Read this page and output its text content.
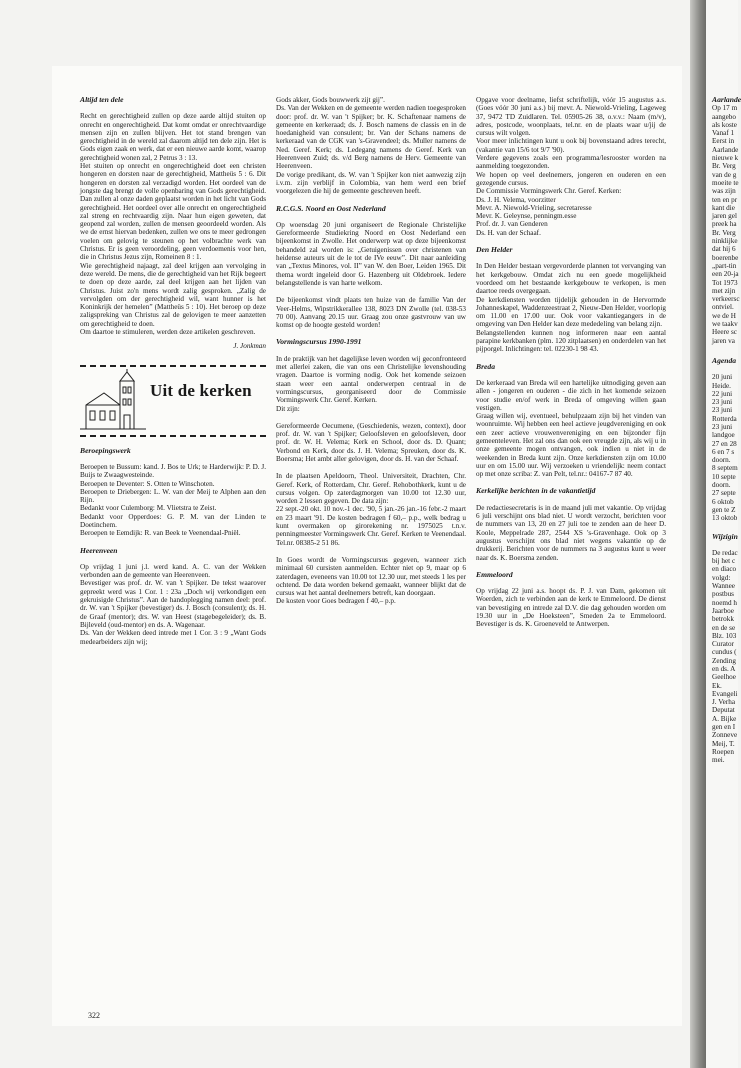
Aarlande
Op 17 m
aangebo
als koste
Vanaf 1
Eerst in
Aarlande
nieuwe k
Br. Verg
van de g
moeite te
was zijn
ten en pr
kant die
jaren gel
preek ha
Br. Verg
ninklijke
dat hij 6
boerenbe
„part-tin
een 20-ja
Tot 1973
met zijn
verkeersc
ontviel.
we de H
we taakv
Heere sc
jaren va
Agenda
20 juni
Heide.
22 juni
23 juni
23 juni
Rotterda
23 juni
landgoe
27 en 28
6 en 7 s
doorn.
8 septem
10 septe
doorn.
27 septe
6 oktob
gen te Z
13 oktob
Wijzigin
De redac
bij het c
en diaco
volgd:
Wannee
postbus
noemd h
Jaarboe
betrokk
en de se
Blz. 103
Curator
cundus (
Zending
en ds. A
Geelhoe
Ek.
Evangeli
J. Verha
Deputat
A. Bijke
gen en I
Zonneve
Meij, T.
Roepen
mei.
Altijd ten dele

Recht en gerechtigheid zullen op deze aarde altijd stuiten op onrecht en ongerechtigheid. Dat komt omdat er onrechtvaardige mensen zijn en zullen blijven. Het tot stand brengen van gerechtigheid in de wereld zal daarom altijd ten dele zijn. Het is Gods eigen zaak en werk, dat er een nieuwe aarde komt, waarop gerechtigheid wonen zal, 2 Petrus 3 : 13.

Het stuiten op onrecht en ongerechtigheid doet een christen hongeren en dorsten naar de gerechtigheid, Mattheüs 5 : 6. Dit hongeren en dorsten zal verzadigd worden. Het oordeel van de jongste dag brengt de volle openbaring van Gods gerechtigheid. Dan zullen al onze daden geplaatst worden in het licht van Gods gerechtigheid. Het oordeel over alle onrecht en ongerechtigheid zal streng en rechtvaardig zijn. Naar hun eigen geweten, dat geopend zal worden, zullen de mensen geoordeeld worden. Als we de ernst hiervan bedenken, zullen we ons te meer gedrongen voelen om gelovig te steunen op het volbrachte werk van Christus. Er is geen veroordeling, geen verdoemenis voor hen, die in Christus Jezus zijn, Romeinen 8 : 1.

Wie gerechtigheid najaagt, zal deel krijgen aan vervolging in deze wereld. De mens, die de gerechtigheid van het Rijk begeert te doen op deze aarde, zal deel krijgen aan het lijden van Christus. Juist zo'n mens wordt zalig gesproken. „Zalig de vervolgden om der gerechtigheid wil, want hunner is het Koninkrijk der hemelen” (Mattheüs 5 : 10). Het beroep op deze zaligspreking van Christus zal de gelovigen te meer aanzetten om gerechtigheid te doen.

Om daartoe te stimuleren, werden deze artikelen geschreven.

J. Jonkman
Uit de kerken
Beroepingswerk
Beroepen te Bussum: kand. J. Bos te Urk; te Harderwijk: P. D. J. Buijs te Zwaagwesteinde.
Beroepen te Deventer: S. Otten te Winschoten.
Beroepen te Driebergen: L. W. van der Meij te Alphen aan den Rijn.
Bedankt voor Culemborg: M. Vlietstra te Zeist.
Bedankt voor Opperdoes: G. P. M. van der Linden te Doetinchem.
Beroepen te Eemdijk: R. van Beek te Veenendaal-Pniël.
Heerenveen

Op vrijdag 1 juni j.l. werd kand. A. C. van der Wekken verbonden aan de gemeente van Heerenveen.

Bevestiger was prof. dr. W. van 't Spijker. De tekst waarover gepreekt werd was 1 Cor. 1 : 23a „Doch wij verkondigen een gekruisigde Christus”. Aan de handoplegging namen deel: prof. dr. W. van 't Spijker (bevestiger) ds. J. Bosch (consulent); ds. H. de Graaf (mentor); drs. W. van Heest (stagebegeleider); ds. B. Bijleveld (oud-mentor) en ds. A. Wagenaar.

Ds. Van der Wekken deed intrede met 1 Cor. 3 : 9 „Want Gods medearbeiders zijn wij;

Gods akker, Gods bouwwerk zijt gij”.

Ds. Van der Wekken en de gemeente werden nadien toegesproken door: prof. dr. W. van 't Spijker; br. K. Schaftenaar namens de gemeente en kerkeraad; ds. J. Bosch namens de classis en in de hoedanigheid van consulent; br. Van der Schans namens de kerkeraad van de CGK van 's-Gravendeel; ds. Muller namens de Ned. Geref. Kerk; ds. Ledegang namens de Geref. Kerk van Heerenveen Zuid; ds. v/d Berg namens de Herv. Gemeente van Heerenveen.

De vorige predikant, ds. W. van 't Spijker kon niet aanwezig zijn i.v.m. zijn verblijf in Colombia, van hem werd een brief voorgelezen die hij de gemeente geschreven heeft.

R.C.G.S. Noord en Oost Nederland

Op woensdag 20 juni organiseert de Regionale Christelijke Gereformeerde Studiekring Noord en Oost Nederland een bijeenkomst in Zwolle. Het onderwerp wat op deze bijeenkomst behandeld zal worden is: „Getuigenissen over christenen van heidense auteurs uit de le tot de IVe eeuw”. Dit naar aanleiding van „Textus Minores, vol. II” van W. den Boer, Leiden 1965. Dit thema wordt ingeleid door G. Hazenberg uit Oldebroek. Iedere belangstellende is van harte welkom.

De bijeenkomst vindt plaats ten huize van de familie Van der Veer-Helms, Wipstrikkerallee 138, 8023 DN Zwolle (tel. 038-53 70 00). Aanvang 20.15 uur. Graag zou onze gastvrouw van uw komst op de hoogte gesteld worden!

Vormingscursus 1990-1991

In de praktijk van het dagelijkse leven worden wij geconfronteerd met allerlei zaken, die van ons een Christelijke levenshouding vragen. Daartoe is vorming nodig. Ook het komende seizoen staan weer een aantal onderwerpen centraal in de vormingscursus, georganiseerd door de Commissie Vormingswerk Chr. Geref. Kerken.

Dit zijn:

Gereformeerde Oecumene, (Geschiedenis, wezen, context), door prof. dr. W. van 't Spijker; Geloofsleven en geloofsleven, door prof. dr. W. H. Velema; Kerk en School, door ds. D. Quant; Verbond en Kerk, door ds. J. H. Velema; Spreuken, door ds. K. Boersma; Het ambt aller gelovigen, door ds. H. van der Schaaf.

In de plaatsen Apeldoorn, Theol. Universiteit, Drachten, Chr. Geref. Kerk, of Rotterdam, Chr. Geref. Rehobothkerk, kunt u de cursus volgen. Op zaterdagmorgen van 10.00 tot 12.30 uur, worden 2 lessen gegeven. De data zijn:

22 sept.-20 okt. 10 nov.-1 dec. '90, 5 jan.-26 jan.-16 febr.-2 maart en 23 maart '91. De kosten bedragen f 60,– p.p., welk bedrag u kunt overmaken op girorekening nr. 1975025 t.n.v. penningmeester Vormingswerk Chr. Geref. Kerken te Veenendaal. Tel.nr. 08385-2 51 86.

In Goes wordt de Vormingscursus gegeven, wanneer zich minimaal 60 cursisten aanmelden. Echter niet op 9, maar op 6 zaterdagen, eveneens van 10.00 tot 12.30 uur, met steeds 1 les per ochtend. De data worden bekend gemaakt, wanneer blijkt dat de cursus wat het aantal deelnemers betreft, kan doorgaan.

De kosten voor Goes bedragen f 40,– p.p.

Opgave voor deelname, liefst schriftelijk, vóór 15 augustus a.s. (Goes vóór 30 juni a.s.) bij mevr. A. Niewold-Vrieling, Lageweg 37, 9472 TD Zuidlaren. Tel. 05905-26 38, o.v.v.: Naam (m/v), adres, postcode, woonplaats, tel.nr. en de plaats waar u/jij de cursus wilt volgen.

Voor meer inlichtingen kunt u ook bij bovenstaand adres terecht, (vakantie van 15/6 tot 9/7 '90).

Verdere gegevens zoals een programma/lesrooster worden na aanmelding toegezonden.

We hopen op veel deelnemers, jongeren en ouderen en een gezegende cursus.

De Commissie Vormingswerk Chr. Geref. Kerken:

Ds. J. H. Velema, voorzitter
Mevr. A. Niewold-Vrieling, secretaresse
Mevr. K. Geleynse, penningm.esse
Prof. dr. J. van Genderen
Ds. H. van der Schaaf.
Den Helder

In Den Helder bestaan vergevorderde plannen tot vervanging van het kerkgebouw. Omdat zich nu een goede mogelijkheid voordeed om het bestaande kerkgebouw te verkopen, is men daartoe reeds overgegaan.

De kerkdiensten worden tijdelijk gehouden in de Hervormde Johanneskapel, Waddenzeestraat 2, Nieuw-Den Helder, voorlopig om 11.00 en 17.00 uur. Ook voor vakantiegangers in de omgeving van Den Helder kan deze mededeling van belang zijn.

Belangstellenden kunnen nog informeren naar een aantal parapine kerkbanken (plm. 120 zitplaatsen) en onderdelen van het pijporgel. Inlichtingen: tel. 02230-1 98 43.

Breda

De kerkeraad van Breda wil een hartelijke uitnodiging geven aan allen - jongeren en ouderen - die zich in het komende seizoen voor studie en/of werk in Breda of omgeving willen gaan vestigen.

Graag willen wij, eventueel, behulpzaam zijn bij het vinden van woonruimte. Wij hebben een heel actieve jeugdvereniging en ook een zeer actieve vrouwenvereniging en een bijzonder fijn gemeenteleven. Het zal ons dan ook een vreugde zijn, als wij u in onze gemeente mogen ontvangen, ook indien u niet in de weekenden in Breda kunt zijn. Onze kerkdiensten zijn om 10.00 uur en om 15.00 uur. Wij verzoeken u vriendelijk: neem contact op met onze scriba: Z. van Pelt, tel.nr.: 04167-7 87 40.

Kerkelijke berichten in de vakantietijd

De redactiesecretaris is in de maand juli met vakantie. Op vrijdag 6 juli verschijnt ons blad niet. U wordt verzocht, berichten voor de nummers van 13, 20 en 27 juli toe te zenden aan de heer D. Koole, Meppelrade 287, 2544 XS 's-Gravenhage. Ook op 3 augustus verschijnt ons blad niet wegens vakantie op de drukkerij. Berichten voor de nummers na 3 augustus kunt u weer naar ds. K. Boersma zenden.

Emmeloord

Op vrijdag 22 juni a.s. hoopt ds. P. J. van Dam, gekomen uit Woerden, zich te verbinden aan de kerk te Emmeloord. De dienst van bevestiging en intrede zal D.V. die dag gehouden worden om 19.30 uur in „De Hoeksteen”, Smeden 2a te Emmeloord. Bevestiger is ds. K. Groeneveld te Antwerpen.

322
